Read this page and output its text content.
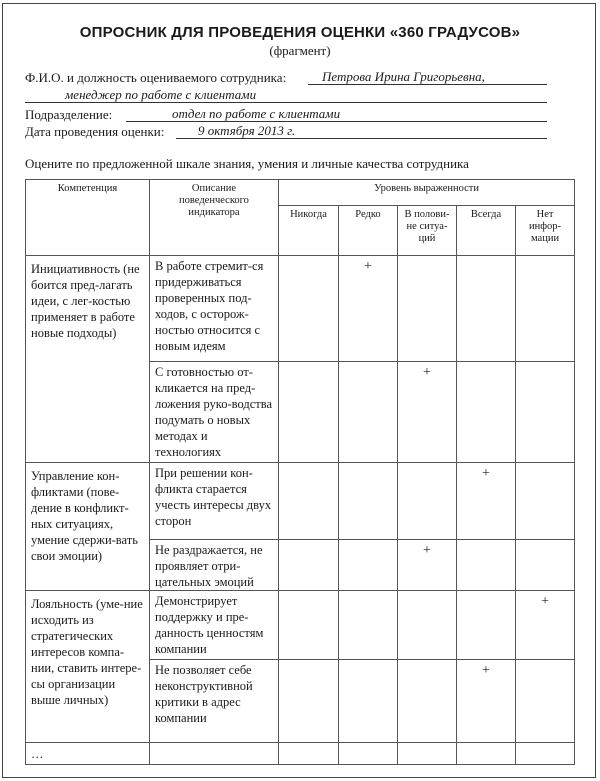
ОПРОСНИК ДЛЯ ПРОВЕДЕНИЯ ОЦЕНКИ «360 ГРАДУСОВ»
(фрагмент)
Ф.И.О. и должность оцениваемого сотрудника:	Петрова Ирина Григорьевна,
менеджер по работе с клиентами
Подразделение:	отдел по работе с клиентами
Дата проведения оценки:	9 октября 2013 г.
Оцените по предложенной шкале знания, умения и личные качества сотрудника
Компетенция	Описание поведенческого индикатора	Уровень выраженности				
		Никогда	Редко	В полови-не ситуа-ций	Всегда	Нет инфор-мации
Инициативность (не боится пред-лагать идеи, с лег-костью применяет в работе новые подходы)	В работе стремит-ся придерживаться проверенных под-ходов, с осторож-ностью относится с новым идеям		+			
	С готовностью от-кликается на пред-ложения руко-водства подумать о новых методах и технологиях			+		
Управление кон-фликтами (пове-дение в конфликт-ных ситуациях, умение сдержи-вать свои эмоции)	При решении кон-фликта старается учесть интересы двух сторон				+	
	Не раздражается, не проявляет отри-цательных эмоций			+		
Лояльность (уме-ние исходить из стратегических интересов компа-нии, ставить интере-сы организации выше личных)	Демонстрирует поддержку и пре-данность ценностям компании					+
	Не позволяет себе неконструктивной критики в адрес компании				+	
…						
